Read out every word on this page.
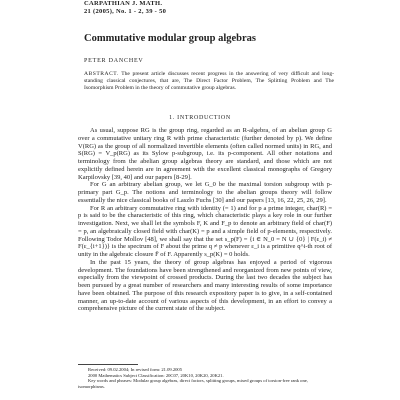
CARPATHIAN J. MATH.
21 (2005), No. 1 - 2, 39 - 50
Commutative modular group algebras
PETER DANCHEV
ABSTRACT. The present article discusses recent progress in the answering of very difficult and long-standing classical conjectures, that are, The Direct Factor Problem, The Splitting Problem and The Isomorphism Problem in the theory of commutative group algebras.
1. INTRODUCTION

As usual, suppose RG is the group ring, regarded as an R-algebra, of an abelian group G over a commutative unitary ring R with prime characteristic (further denoted by p). We define V(RG) as the group of all normalized invertible elements (often called normed units) in RG, and S(RG) = V_p(RG) as its Sylow p-subgroup, i.e. its p-component. All other notations and terminology from the abelian group algebras theory are standard, and those which are not explicitly defined herein are in agreement with the excellent classical monographs of Gregory Karpilovsky [39, 40] and our papers [8-29].

For G an arbitrary abelian group, we let G_0 be the maximal torsion subgroup with p-primary part G_p. The notions and terminology to the abelian groups theory will follow essentially the nice classical books of Laszlo Fuchs [30] and our papers [13, 16, 22, 25, 26, 29].

For R an arbitrary commutative ring with identity (= 1) and for p a prime integer, char(R) = p is said to be the characteristic of this ring, which characteristic plays a key role in our further investigation. Next, we shall let the symbols F, K and F_p to denote an arbitrary field of char(F) = p, an algebraically closed field with char(K) = p and a simple field of p-elements, respectively. Following Todor Mollov [48], we shall say that the set s_p(F) = {i ∈ N_0 = N ∪ {0} | F(ε_i) ≠ F(ε_{i+1})} is the spectrum of F about the prime q ≠ p whenever ε_i is a primitive q^i-th root of unity in the algebraic closure F̄ of F. Apparently s_p(K) = 0 holds.

In the past 15 years, the theory of group algebras has enjoyed a period of vigorous development. The foundations have been strengthened and reorganized from new points of view, especially from the viewpoint of crossed products. During the last two decades the subject has been pursued by a great number of researchers and many interesting results of some importance have been obtained. The purpose of this research expository paper is to give, in a self-contained manner, an up-to-date account of various aspects of this development, in an effort to convey a comprehensive picture of the current state of the subject.

Received: 09.02.2004; In revised form: 21.09.2005

2000 Mathematics Subject Classification: 20C07, 20K10, 20K20, 20K21.

Key words and phrases: Modular group algebras, direct factors, splitting groups, mixed groups of torsion-free rank one, isomorphisms.
